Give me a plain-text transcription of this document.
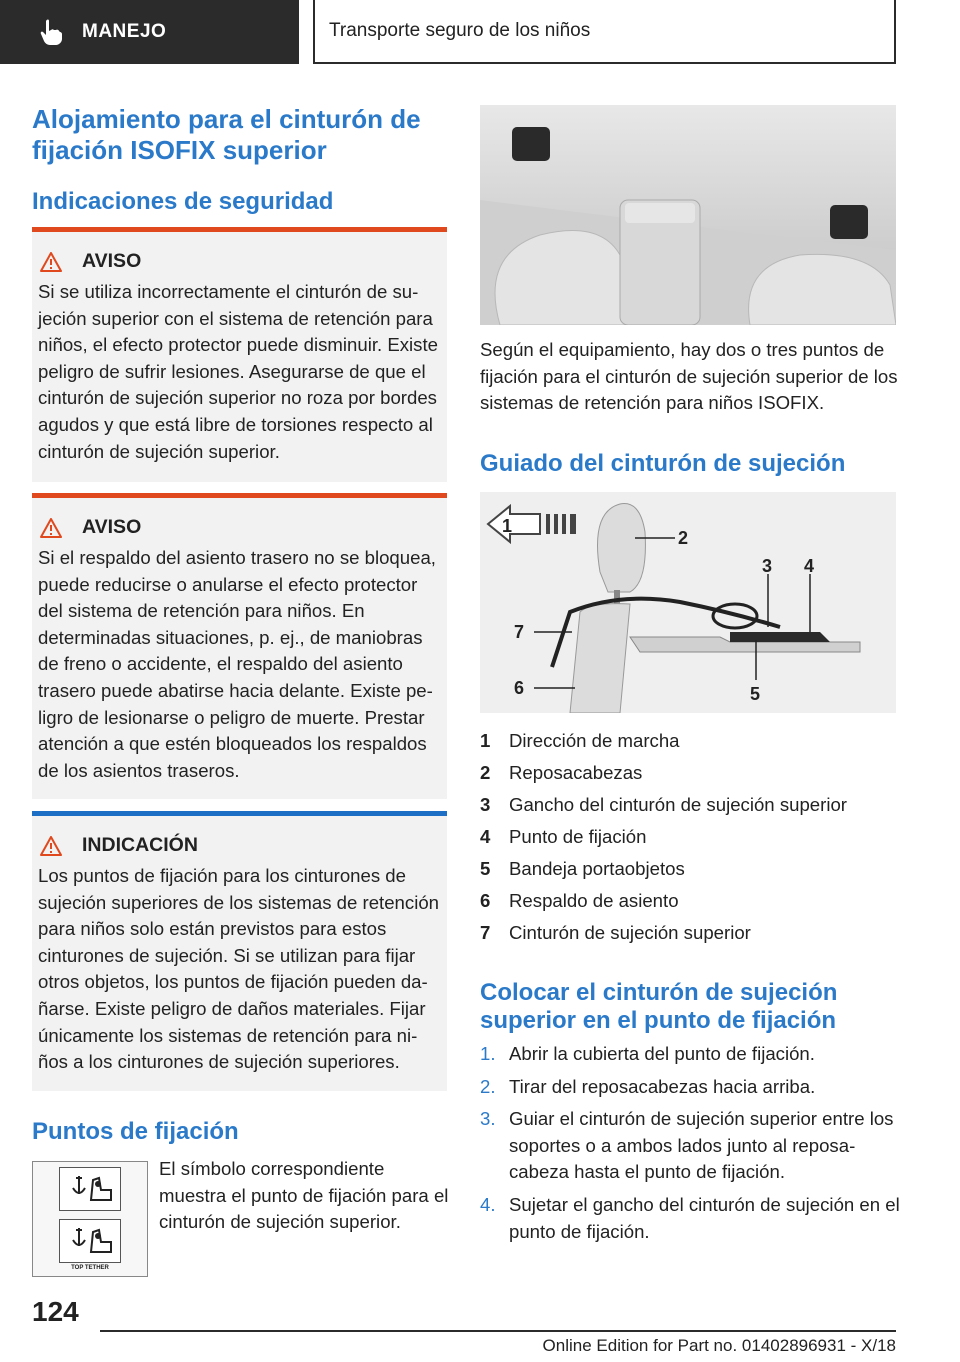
MANEJO	Transporte seguro de los niños
Alojamiento para el cinturón de fijación ISOFIX superior
Indicaciones de seguridad
AVISO
Si se utiliza incorrectamente el cinturón de sujeción superior con el sistema de retención para niños, el efecto protector puede disminuir. Existe peligro de sufrir lesiones. Asegurarse de que el cinturón de sujeción superior no roza por bordes agudos y que está libre de torsiones respecto al cinturón de sujeción superior.
AVISO
Si el respaldo del asiento trasero no se bloquea, puede reducirse o anularse el efecto protector del sistema de retención para niños. En determinadas situaciones, p. ej., de maniobras de freno o accidente, el respaldo del asiento trasero puede abatirse hacia delante. Existe peligro de lesionarse o peligro de muerte. Prestar atención a que estén bloqueados los respaldos de los asientos traseros.
INDICACIÓN
Los puntos de fijación para los cinturones de sujeción superiores de los sistemas de retención para niños solo están previstos para estos cinturones de sujeción. Si se utilizan para fijar otros objetos, los puntos de fijación pueden dañarse. Existe peligro de daños materiales. Fijar únicamente los sistemas de retención para niños a los cinturones de sujeción superiores.
Puntos de fijación
TOP TETHER
El símbolo correspondiente muestra el punto de fijación para el cinturón de sujeción superior.
Según el equipamiento, hay dos o tres puntos de fijación para el cinturón de sujeción superior de los sistemas de retención para niños ISOFIX.
Guiado del cinturón de sujeción
1
2
3 4
5
6
7
1	Dirección de marcha
2	Reposacabezas
3	Gancho del cinturón de sujeción superior
4	Punto de fijación
5	Bandeja portaobjetos
6	Respaldo de asiento
7	Cinturón de sujeción superior
Colocar el cinturón de sujeción superior en el punto de fijación
1. Abrir la cubierta del punto de fijación.
2. Tirar del reposacabezas hacia arriba.
3. Guiar el cinturón de sujeción superior entre los soportes o a ambos lados junto al reposacabeza hasta el punto de fijación.
4. Sujetar el gancho del cinturón de sujeción en el punto de fijación.
124
Online Edition for Part no. 01402896931 - X/18
